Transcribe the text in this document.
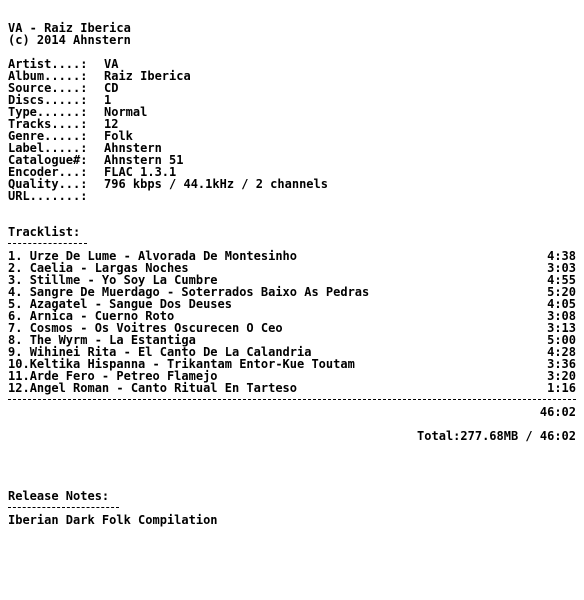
VA - Raiz Iberica
(c) 2014 Ahnstern
Artist....: VA
Album.....: Raiz Iberica
Source....: CD
Discs.....: 1
Type......: Normal
Tracks....: 12
Genre.....: Folk
Label.....: Ahnstern
Catalogue#: Ahnstern 51
Encoder...: FLAC 1.3.1
Quality...: 796 kbps / 44.1kHz / 2 channels
URL.......:
Tracklist:
1. Urze De Lume - Alvorada De Montesinho	4:38
2. Caelia - Largas Noches	3:03
3. Stillme - Yo Soy La Cumbre	4:55
4. Sangre De Muerdago - Soterrados Baixo As Pedras	5:20
5. Azagatel - Sangue Dos Deuses	4:05
6. Arnica - Cuerno Roto	3:08
7. Cosmos - Os Voitres Oscurecen O Ceo	3:13
8. The Wyrm - La Estantiga	5:00
9. Wihinei Rita - El Canto De La Calandria	4:28
10.Keltika Hispanna - Trikantam Entor-Kue Toutam	3:36
11.Arde Fero - Petreo Flamejo	3:20
12.Angel Roman - Canto Ritual En Tarteso	1:16
46:02
Total:277.68MB / 46:02
Release Notes:
Iberian Dark Folk Compilation
